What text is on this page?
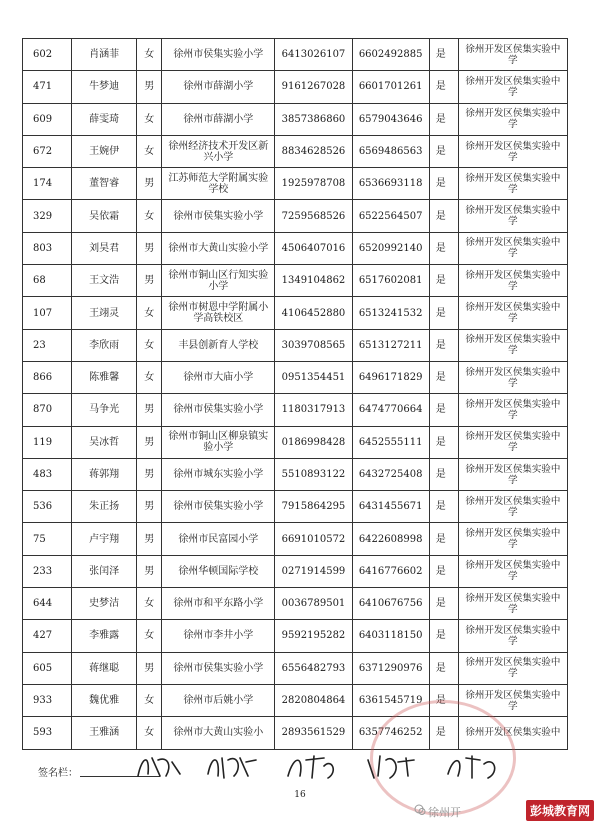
602	肖涵菲	女	徐州市侯集实验小学	6413026107	6602492885	是	徐州开发区侯集实验中学
471	牛梦迪	男	徐州市薛湖小学	9161267028	6601701261	是	徐州开发区侯集实验中学
609	薛雯琦	女	徐州市薛湖小学	3857386860	6579043646	是	徐州开发区侯集实验中学
672	王婉伊	女	徐州经济技术开发区新兴小学	8834628526	6569486563	是	徐州开发区侯集实验中学
174	董智睿	男	江苏师范大学附属实验学校	1925978708	6536693118	是	徐州开发区侯集实验中学
329	吴依霜	女	徐州市侯集实验小学	7259568526	6522564507	是	徐州开发区侯集实验中学
803	刘昊君	男	徐州市大黄山实验小学	4506407016	6520992140	是	徐州开发区侯集实验中学
68	王文浩	男	徐州市铜山区行知实验小学	1349104862	6517602081	是	徐州开发区侯集实验中学
107	王翊灵	女	徐州市树恩中学附属小学高铁校区	4106452880	6513241532	是	徐州开发区侯集实验中学
23	李欣雨	女	丰县创新育人学校	3039708565	6513127211	是	徐州开发区侯集实验中学
866	陈雅馨	女	徐州市大庙小学	0951354451	6496171829	是	徐州开发区侯集实验中学
870	马争光	男	徐州市侯集实验小学	1180317913	6474770664	是	徐州开发区侯集实验中学
119	吴冰哲	男	徐州市铜山区柳泉镇实验小学	0186998428	6452555111	是	徐州开发区侯集实验中学
483	蒋郭翔	男	徐州市城东实验小学	5510893122	6432725408	是	徐州开发区侯集实验中学
536	朱正扬	男	徐州市侯集实验小学	7915864295	6431455671	是	徐州开发区侯集实验中学
75	卢宇翔	男	徐州市民富园小学	6691010572	6422608998	是	徐州开发区侯集实验中学
233	张闰泽	男	徐州华顿国际学校	0271914599	6416776602	是	徐州开发区侯集实验中学
644	史梦洁	女	徐州市和平东路小学	0036789501	6410676756	是	徐州开发区侯集实验中学
427	李雅露	女	徐州市李井小学	9592195282	6403118150	是	徐州开发区侯集实验中学
605	蒋继聪	男	徐州市侯集实验小学	6556482793	6371290976	是	徐州开发区侯集实验中学
933	魏优雅	女	徐州市后姚小学	2820804864	6361545719	是	徐州开发区侯集实验中学
593	王雅涵	女	徐州市大黄山实验小	2893561529	6357746252	是	徐州开发区侯集实验中
签名栏：
16
徐州开	彭城教育网
